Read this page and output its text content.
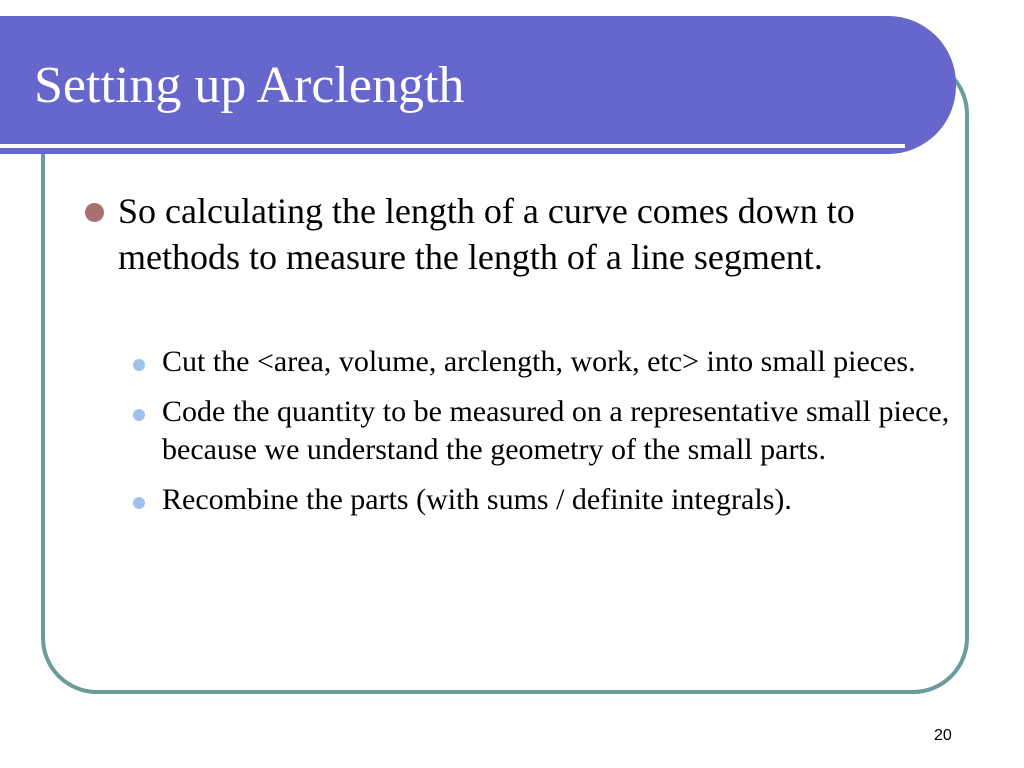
Setting up Arclength
So calculating the length of a curve comes down to methods to measure the length of a line segment.
Cut the <area, volume, arclength, work, etc> into small pieces.
Code the quantity to be measured on a representative small piece, because we understand the geometry of the small parts.
Recombine the parts (with sums / definite integrals).
20
